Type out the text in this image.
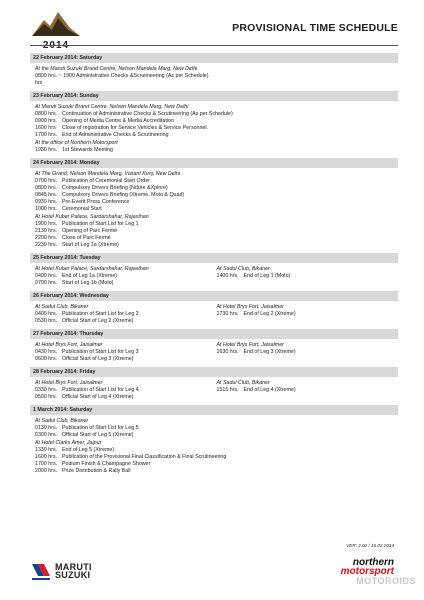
2014
PROVISIONAL TIME SCHEDULE
22 February 2014: Saturday
At the Maruti Suzuki Brand Centre, Nelson Mandela Marg, New Delhi
0800 hrs. ~ 1900 hrs
Administrative Checks &Scrutineering (As per Schedule)
23 February 2014: Sunday
At Maruti Suzuki Brand Centre, Nelson Mandela Marg, New Delhi
0800 hrs. Continuation of Administrative Checks & Scrutineering (As per Schedule)
0900 hrs. Opening of Media Centre & Media Accreditation
1600 hrs	Close of registration for Service Vehicles & Service Personnel.
1700 hrs. End of Administrative Checks & Scrutineering
At the office of Northern Motorsport
1930 hrs. 1st Stewards Meeting
24 February 2014: Monday
At The Grand, Nelson Mandela Marg, Vasant Kunj, New Delhi
0700 hrs. Publication of Ceremonial Start Order
0800 hrs. Compulsory Drivers Briefing (Ndure &Xplore)
0845 hrs. Compulsory Drivers Briefing (Xtreme, Moto & Quad)
0930 hrs. Pre-Event Press Conference
1000 hrs. Ceremonial Start
At Hotel Kuber Palace, Sardarshahar, Rajasthan
1900 hrs. Publication of Start List for Leg 1
2130 hrs. Opening of Parc Fermé
2200 hrs. Close of Parc Fermé
2230 hrs. Start of Leg 1a (Xtreme)
25 February 2014: Tuesday
At Hotel Kuber Palace, Sardarshahar, Rajasthan
0400 hrs. End of Leg 1a (Xtreme)
0700 hrs. Start of Leg 1b (Moto)
At Sadul Club, Bikaner
1400 hrs. End of Leg 1 (Moto)
26 February 2014: Wednesday
At Sadul Club, Bikaner
0400 hrs. Publication of Start List for Leg 2
0530 hrs. Official Start of Leg 2 (Xtreme)
At Hotel Brys Fort, Jaisalmer
1730 hrs. End of Leg 2 (Xtreme)
27 February 2014: Thursday
At Hotel Brys Fort, Jaisalmer
0430 hrs. Publication of Start List for Leg 3
0600 hrs. Official Start of Leg 3 (Xtreme)
At Hotel Brys Fort, Jaisalmer
1630 hrs. End of Leg 3 (Xtreme)
28 February 2014: Friday
At Hotel Brys Fort, Jaisalmer
0330 hrs. Publication of Start List for Leg 4
0500 hrs. Official Start of Leg 4 (Xtreme)
At Sadul Club, Bikaner
1515 hrs. End of Leg 4 (Xtreme)
1 March 2014: Saturday
At Sadul Club, Bikaner
0130 hrs. Publication of Start List for Leg 5
0300 hrs. Official Start of Leg 5 (Xtreme)
At Hotel Clarks Amer, Jaipur
1330 hrs. End of Leg 5 (Xtreme)
1600 hrs. Publication of the Provisional Final Classification & Final Scrutineering
1700 hrs. Podium Finish & Champagne Shower
2000 hrs. Prize Distribution & Rally Ball
VER: 2.02 / 16.02.2014
MARUTI
SUZUKI
northern
motorsport
MOTOROIDS
